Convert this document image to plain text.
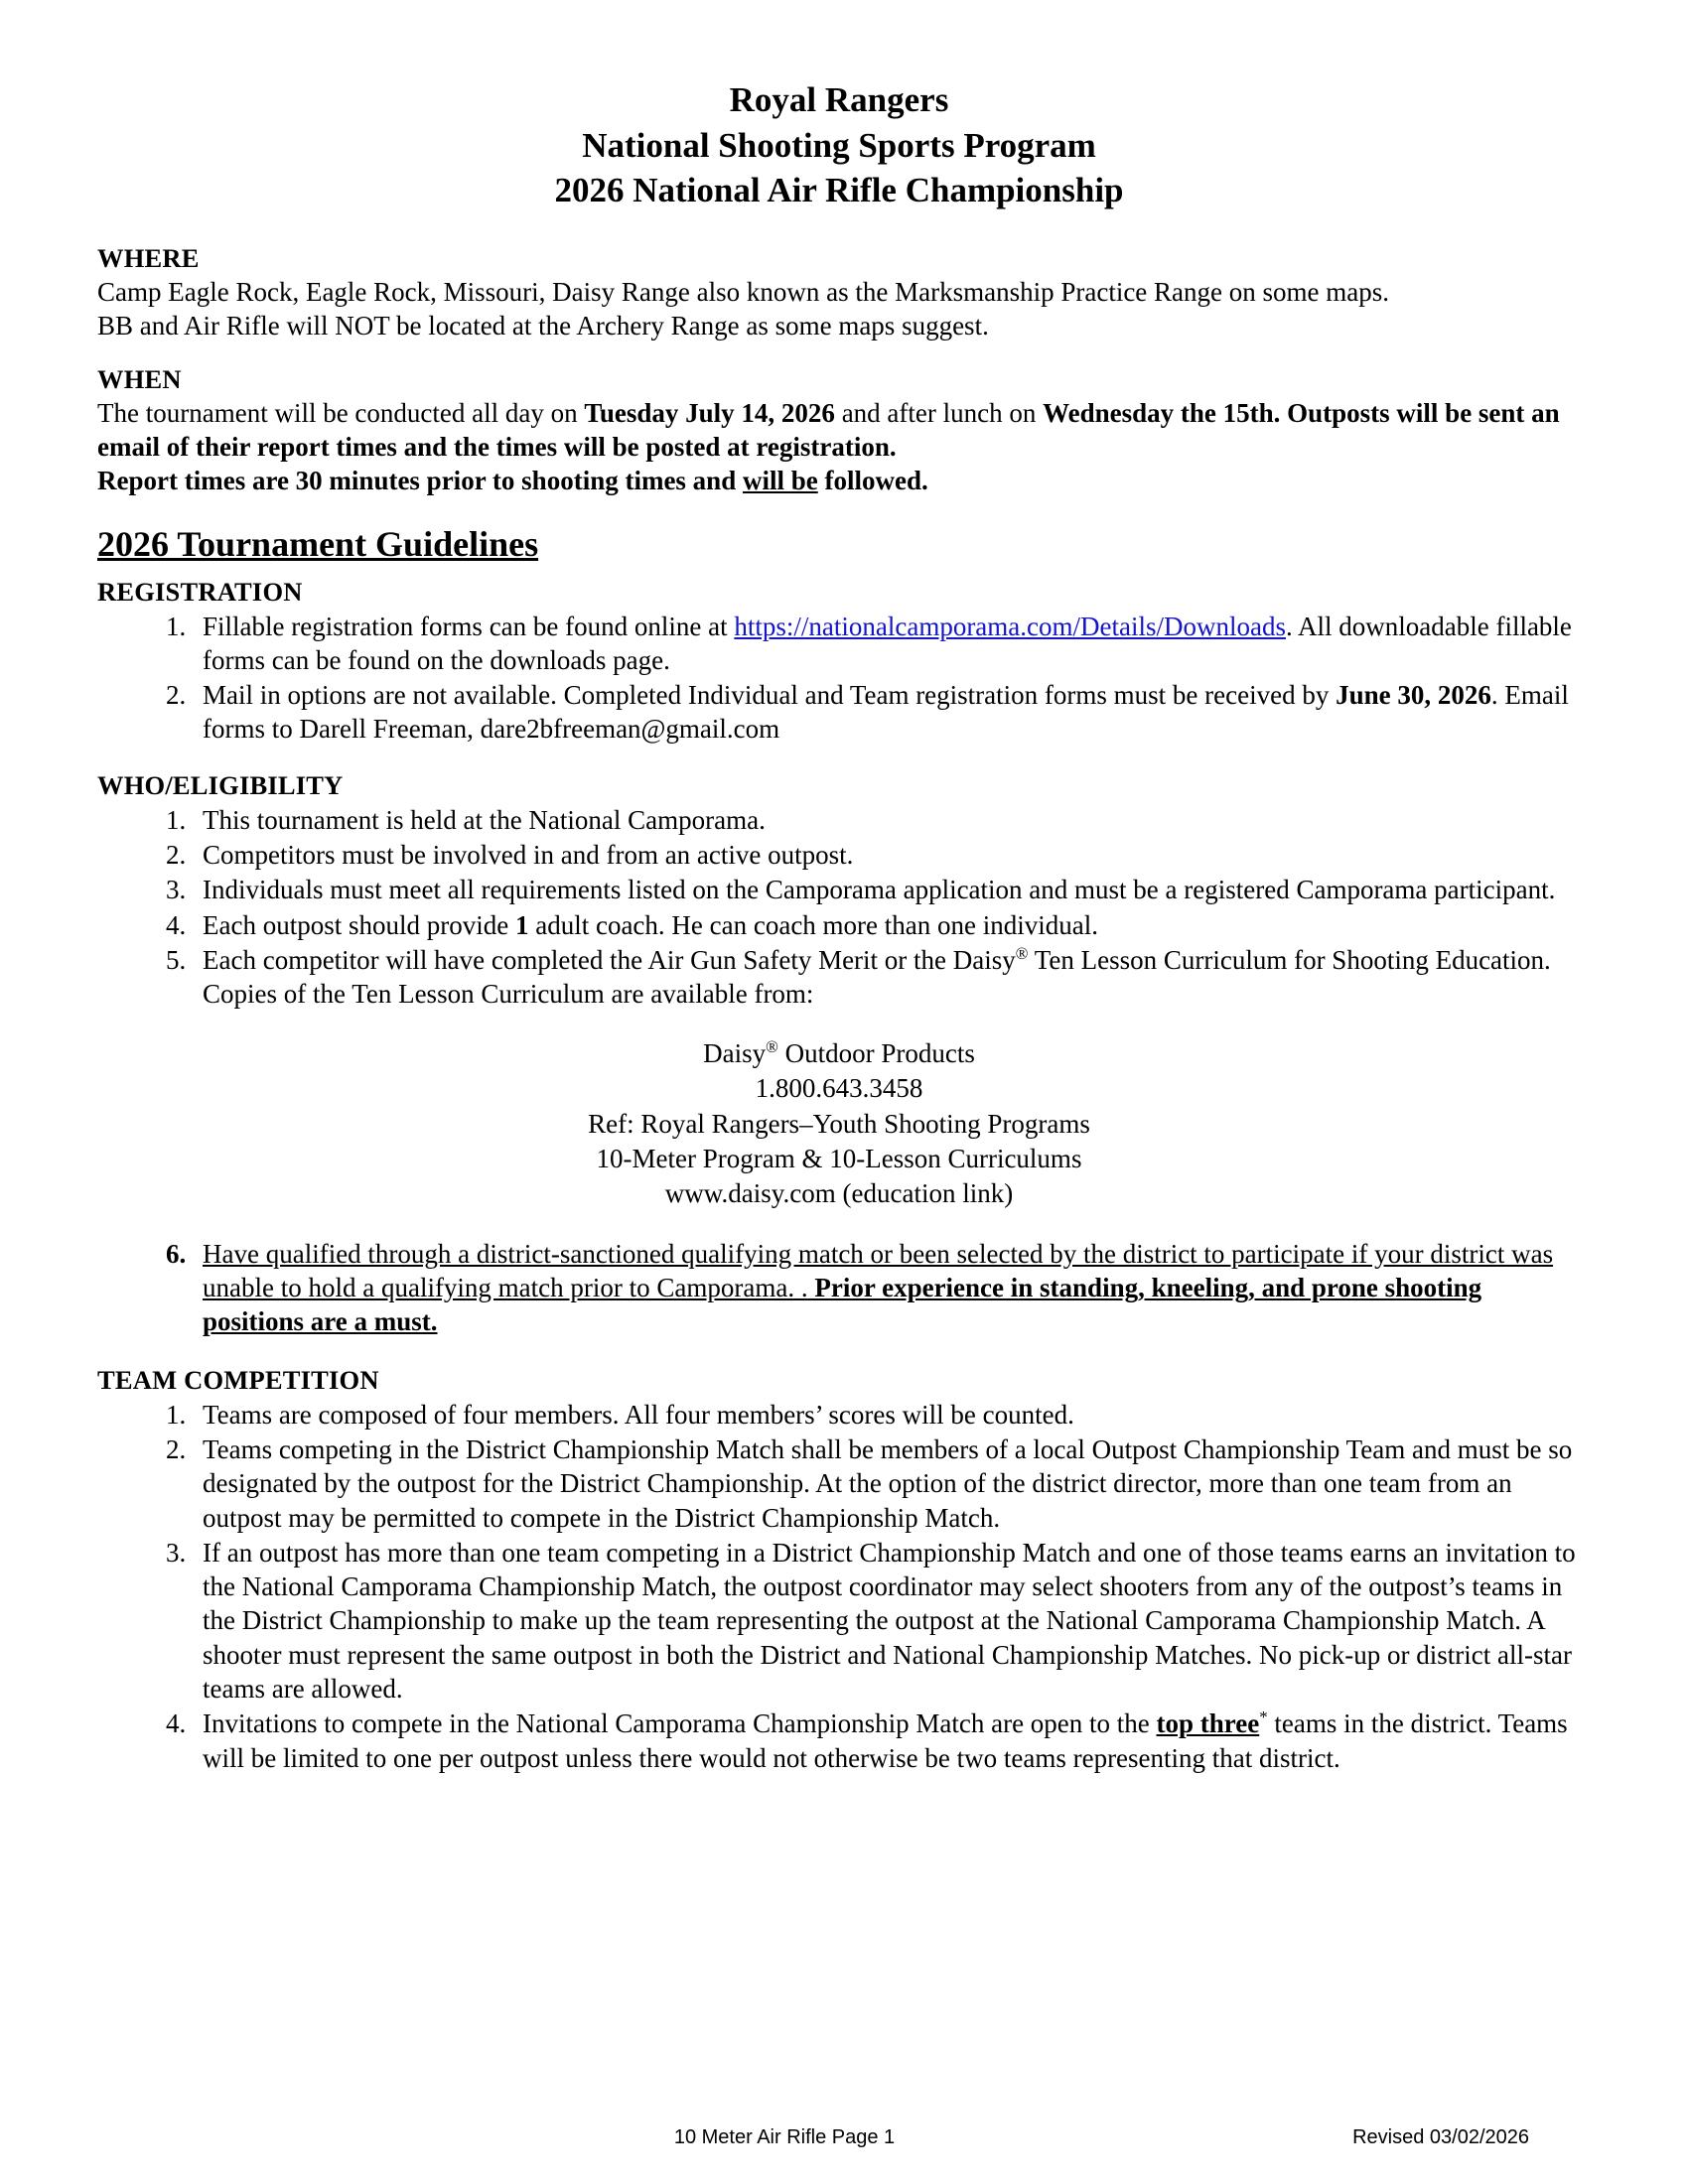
Royal Rangers
National Shooting Sports Program
2026 National Air Rifle Championship
WHERE
Camp Eagle Rock, Eagle Rock, Missouri, Daisy Range also known as the Marksmanship Practice Range on some maps.
BB and Air Rifle will NOT be located at the Archery Range as some maps suggest.
WHEN
The tournament will be conducted all day on Tuesday July 14, 2026 and after lunch on Wednesday the 15th. Outposts will be sent an email of their report times and the times will be posted at registration.
Report times are 30 minutes prior to shooting times and will be followed.
2026 Tournament Guidelines
REGISTRATION
1. Fillable registration forms can be found online at https://nationalcamporama.com/Details/Downloads. All downloadable fillable forms can be found on the downloads page.
2. Mail in options are not available. Completed Individual and Team registration forms must be received by June 30, 2026. Email forms to Darell Freeman, dare2bfreeman@gmail.com
WHO/ELIGIBILITY
1. This tournament is held at the National Camporama.
2. Competitors must be involved in and from an active outpost.
3. Individuals must meet all requirements listed on the Camporama application and must be a registered Camporama participant.
4. Each outpost should provide 1 adult coach. He can coach more than one individual.
5. Each competitor will have completed the Air Gun Safety Merit or the Daisy® Ten Lesson Curriculum for Shooting Education. Copies of the Ten Lesson Curriculum are available from:
Daisy® Outdoor Products
1.800.643.3458
Ref: Royal Rangers–Youth Shooting Programs
10-Meter Program & 10-Lesson Curriculums
www.daisy.com (education link)
6. Have qualified through a district-sanctioned qualifying match or been selected by the district to participate if your district was unable to hold a qualifying match prior to Camporama. . Prior experience in standing, kneeling, and prone shooting positions are a must.
TEAM COMPETITION
1. Teams are composed of four members. All four members’ scores will be counted.
2. Teams competing in the District Championship Match shall be members of a local Outpost Championship Team and must be so designated by the outpost for the District Championship. At the option of the district director, more than one team from an outpost may be permitted to compete in the District Championship Match.
3. If an outpost has more than one team competing in a District Championship Match and one of those teams earns an invitation to the National Camporama Championship Match, the outpost coordinator may select shooters from any of the outpost’s teams in the District Championship to make up the team representing the outpost at the National Camporama Championship Match. A shooter must represent the same outpost in both the District and National Championship Matches. No pick-up or district all-star teams are allowed.
4. Invitations to compete in the National Camporama Championship Match are open to the top three* teams in the district. Teams will be limited to one per outpost unless there would not otherwise be two teams representing that district.
10 Meter Air Rifle Page 1	Revised 03/02/2026
